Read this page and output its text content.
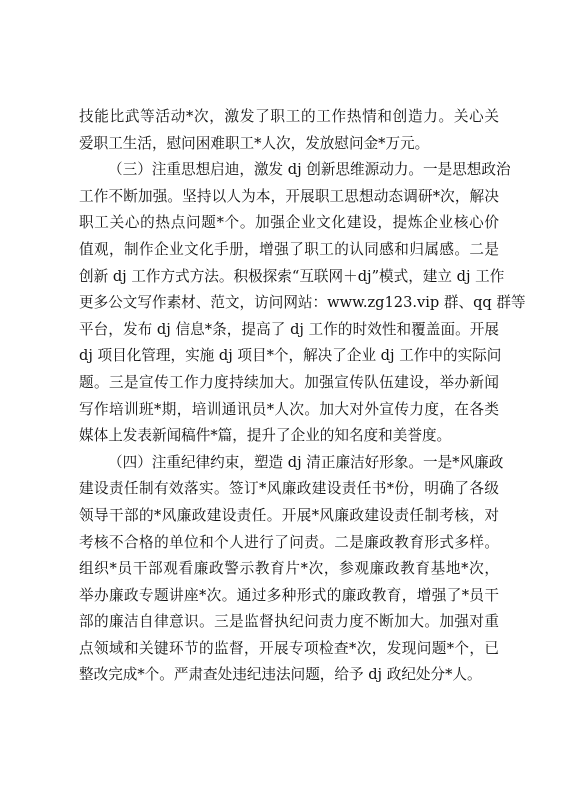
技能比武等活动*次，激发了职工的工作热情和创造力。关心关
爱职工生活，慰问困难职工*人次，发放慰问金*万元。
（三）注重思想启迪，激发 dj 创新思维源动力。一是思想政治
工作不断加强。坚持以人为本，开展职工思想动态调研*次，解决
职工关心的热点问题*个。加强企业文化建设，提炼企业核心价
值观，制作企业文化手册，增强了职工的认同感和归属感。二是
创新 dj 工作方式方法。积极探索“互联网＋dj”模式，建立 dj 工作
更多公文写作素材、范文，访问网站：www.zg123.vip 群、qq 群等
平台，发布 dj 信息*条，提高了 dj 工作的时效性和覆盖面。开展
dj 项目化管理，实施 dj 项目*个，解决了企业 dj 工作中的实际问
题。三是宣传工作力度持续加大。加强宣传队伍建设，举办新闻
写作培训班*期，培训通讯员*人次。加大对外宣传力度，在各类
媒体上发表新闻稿件*篇，提升了企业的知名度和美誉度。
（四）注重纪律约束，塑造 dj 清正廉洁好形象。一是*风廉政
建设责任制有效落实。签订*风廉政建设责任书*份，明确了各级
领导干部的*风廉政建设责任。开展*风廉政建设责任制考核，对
考核不合格的单位和个人进行了问责。二是廉政教育形式多样。
组织*员干部观看廉政警示教育片*次，参观廉政教育基地*次，
举办廉政专题讲座*次。通过多种形式的廉政教育，增强了*员干
部的廉洁自律意识。三是监督执纪问责力度不断加大。加强对重
点领域和关键环节的监督，开展专项检查*次，发现问题*个，已
整改完成*个。严肃查处违纪违法问题，给予 dj 政纪处分*人。
